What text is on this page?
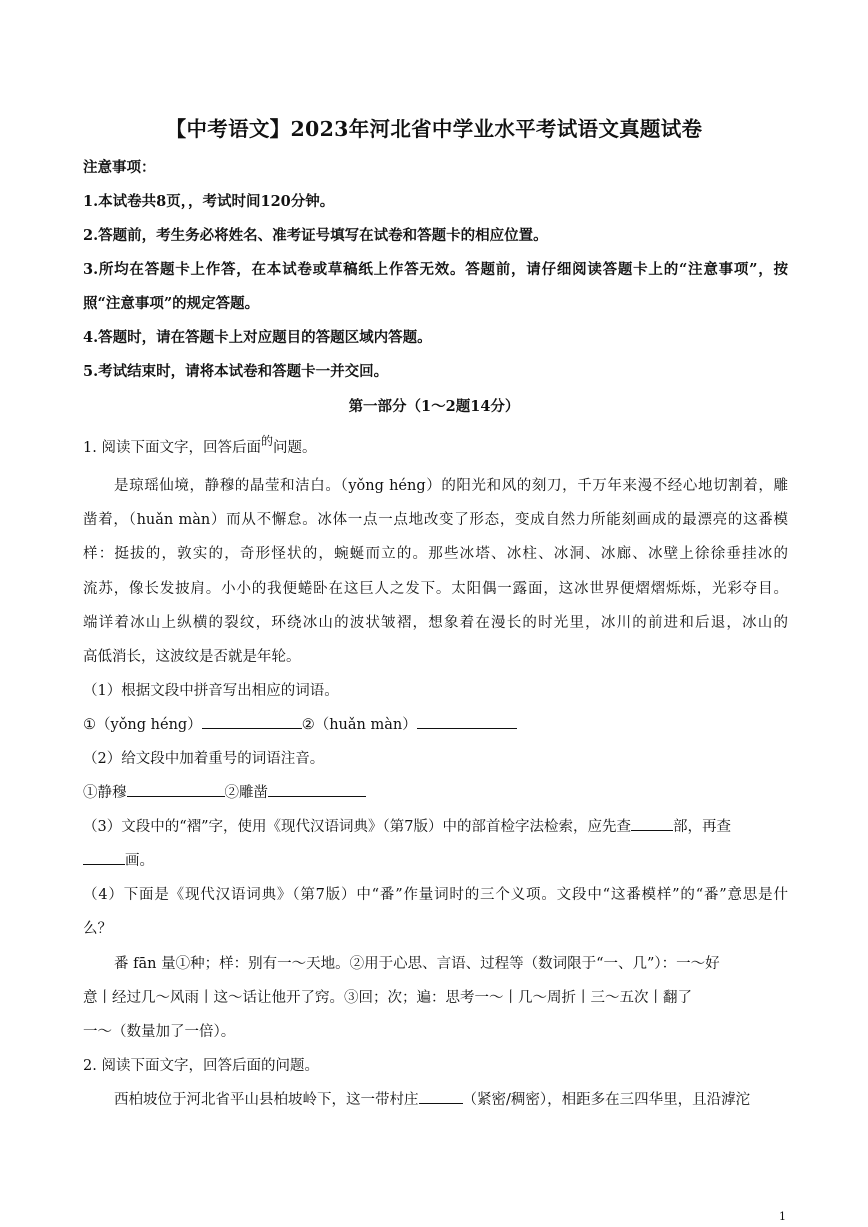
【中考语文】2023年河北省中学业水平考试语文真题试卷
注意事项：
1.本试卷共8页，，考试时间120分钟。
2.答题前，考生务必将姓名、准考证号填写在试卷和答题卡的相应位置。
3.所均在答题卡上作答，在本试卷或草稿纸上作答无效。答题前，请仔细阅读答题卡上的“注意事项”，按
照“注意事项”的规定答题。
4.答题时，请在答题卡上对应题目的答题区域内答题。
5.考试结束时，请将本试卷和答题卡一并交回。
第一部分（1～2题14分）
1. 阅读下面文字，回答后面$^的$问题。
是琼瑶仙境，静穆的晶莹和洁白。（yǒng héng）的阳光和风的刻刀，千万年来漫不经心地切割着，雕
凿着，（huǎn màn）而从不懈怠。冰体一点一点地改变了形态，变成自然力所能刻画成的最漂亮的这番模
样：挺拔的，敦实的，奇形怪状的，蜿蜒而立的。那些冰塔、冰柱、冰洞、冰廊、冰壁上徐徐垂挂冰的
流苏，像长发披肩。小小的我便蜷卧在这巨人之发下。太阳偶一露面，这冰世界便熠熠烁烁，光彩夺目。
端详着冰山上纵横的裂纹，环绕冰山的波状皱褶，想象着在漫长的时光里，冰川的前进和后退，冰山的
高低消长，这波纹是否就是年轮。
（1）根据文段中拼音写出相应的词语。
①（yǒng héng）	②（huǎn màn）
（2）给文段中加着重号的词语注音。
①静穆	②雕凿
（3）文段中的“褶”字，使用《现代汉语词典》（第7版）中的部首检字法检索，应先查	部，再查
画。
（4）下面是《现代汉语词典》（第7版）中“番”作量词时的三个义项。文段中“这番模样”的“番”意思是什
么？
番 fān 量①种；样：别有一～天地。②用于心思、言语、过程等（数词限于“一、几”）：一～好
意丨经过几～风雨丨这～话让他开了窍。③回；次；遍：思考一～丨几～周折丨三～五次丨翻了
一～（数量加了一倍）。
2. 阅读下面文字，回答后面的问题。
西柏坡位于河北省平山县柏坡岭下，这一带村庄	（紧密/稠密），相距多在三四华里，且沿滹沱
1
